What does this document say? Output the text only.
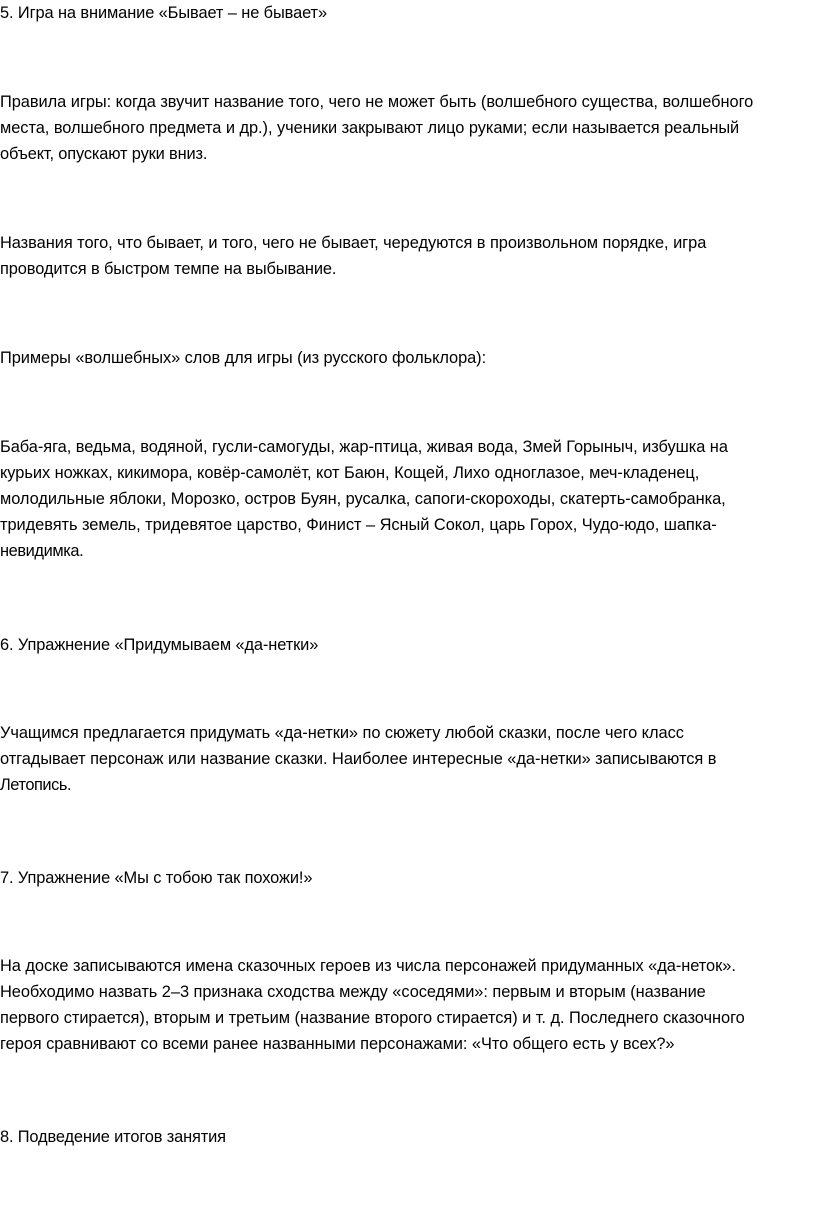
5. Игра на внимание «Бывает – не бывает»

Правила игры: когда звучит название того, чего не может быть (волшебного существа, волшебного
места, волшебного предмета и др.), ученики закрывают лицо руками; если называется реальный
объект, опускают руки вниз.

Названия того, что бывает, и того, чего не бывает, чередуются в произвольном порядке, игра
проводится в быстром темпе на выбывание.

Примеры «волшебных» слов для игры (из русского фольклора):

Баба-яга, ведьма, водяной, гусли-самогуды, жар-птица, живая вода, Змей Горыныч, избушка на
курьих ножках, кикимора, ковёр-самолёт, кот Баюн, Кощей, Лихо одноглазое, меч-кладенец,
молодильные яблоки, Морозко, остров Буян, русалка, сапоги-скороходы, скатерть-самобранка,
тридевять земель, тридевятое царство, Финист – Ясный Сокол, царь Горох, Чудо-юдо, шапка-
невидимка.

6. Упражнение «Придумываем «да-нетки»

Учащимся предлагается придумать «да-нетки» по сюжету любой сказки, после чего класс
отгадывает персонаж или название сказки. Наиболее интересные «да-нетки» записываются в
Летопись.

7. Упражнение «Мы с тобою так похожи!»

На доске записываются имена сказочных героев из числа персонажей придуманных «да-неток».
Необходимо назвать 2–3 признака сходства между «соседями»: первым и вторым (название
первого стирается), вторым и третьим (название второго стирается) и т. д. Последнего сказочного
героя сравнивают со всеми ранее названными персонажами: «Что общего есть у всех?»

8. Подведение итогов занятия
